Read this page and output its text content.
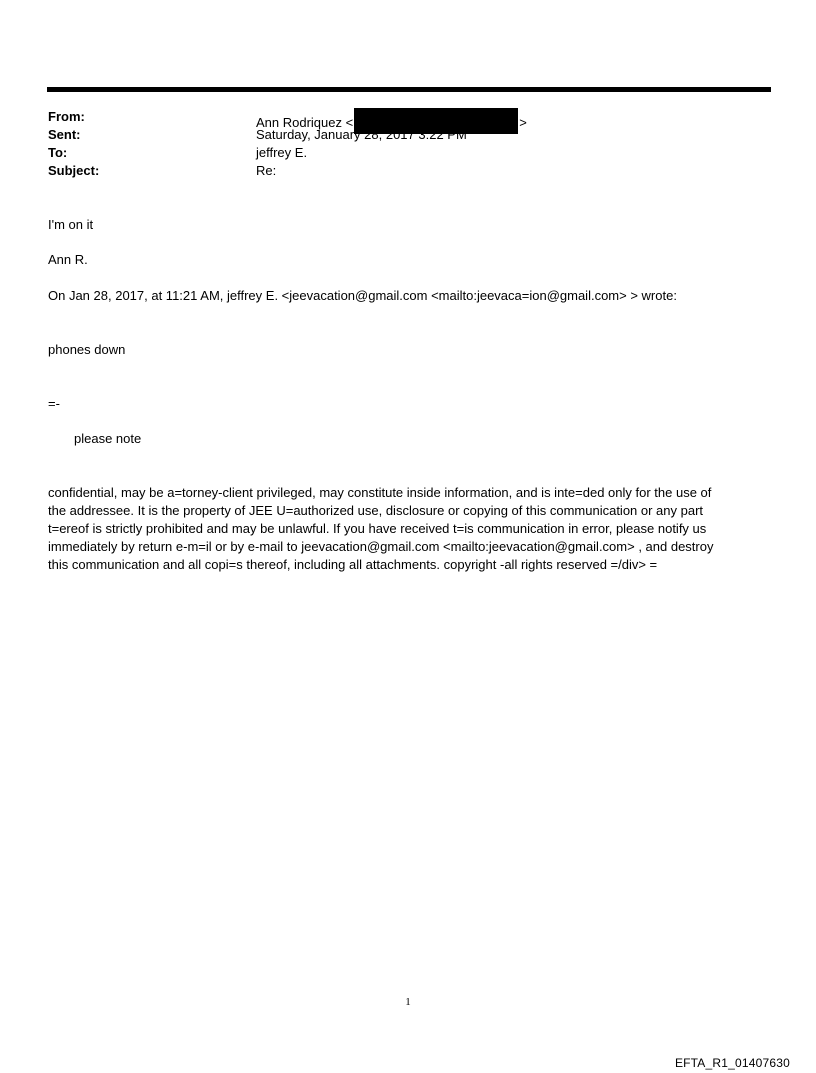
From:	Ann Rodriquez <	>
Sent:	Saturday, January 28, 2017 3:22 PM
To:	jeffrey E.
Subject:	Re:
I'm on it
Ann R.
On Jan 28, 2017, at 11:21 AM, jeffrey E. <jeevacation@gmail.com <mailto:jeevaca=ion@gmail.com> > wrote:
phones down
=-
please note
confidential, may be a=torney-client privileged, may constitute inside information, and is inte=ded only for the use of
the addressee. It is the property of JEE U=authorized use, disclosure or copying of this communication or any part
t=ereof is strictly prohibited and may be unlawful. If you have received t=is communication in error, please notify us
immediately by return e-m=il or by e-mail to jeevacation@gmail.com <mailto:jeevacation@gmail.com> , and destroy
this communication and all copi=s thereof, including all attachments. copyright -all rights reserved =/div> =
1
EFTA_R1_01407630
